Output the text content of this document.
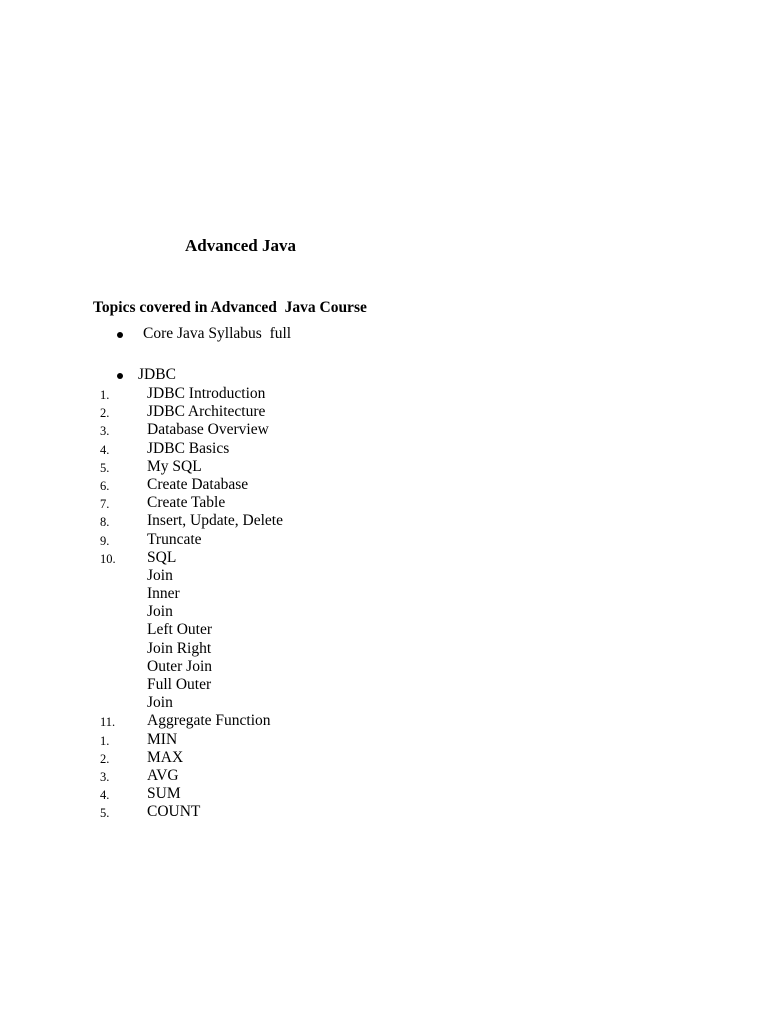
Advanced Java
Topics covered in Advanced  Java Course

Core Java Syllabus  full

JDBC

1. JDBC Introduction
2. JDBC Architecture
3. Database Overview
4. JDBC Basics
5. My SQL
6. Create Database
7. Create Table
8. Insert, Update, Delete
9. Truncate
10. SQL
Join
Inner
Join
Left Outer
Join Right
Outer Join
Full Outer
Join
11. Aggregate Function
1. MIN
2. MAX
3. AVG
4. SUM
5. COUNT
